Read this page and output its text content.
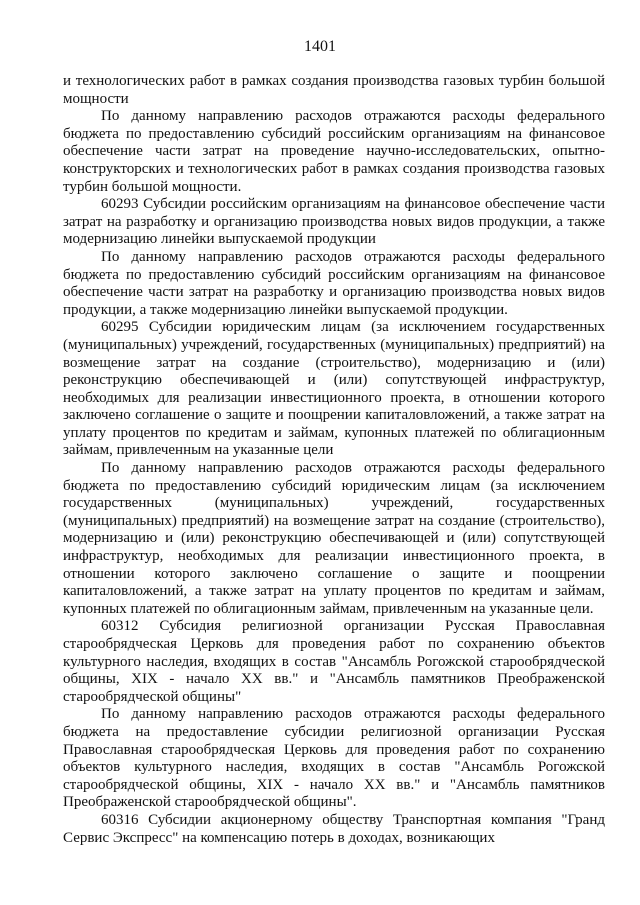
1401

и технологических работ в рамках создания производства газовых турбин большой мощности

По данному направлению расходов отражаются расходы федерального бюджета по предоставлению субсидий российским организациям на финансовое обеспечение части затрат на проведение научно-исследовательских, опытно-конструкторских и технологических работ в рамках создания производства газовых турбин большой мощности.

60293 Субсидии российским организациям на финансовое обеспечение части затрат на разработку и организацию производства новых видов продукции, а также модернизацию линейки выпускаемой продукции

По данному направлению расходов отражаются расходы федерального бюджета по предоставлению субсидий российским организациям на финансовое обеспечение части затрат на разработку и организацию производства новых видов продукции, а также модернизацию линейки выпускаемой продукции.

60295 Субсидии юридическим лицам (за исключением государственных (муниципальных) учреждений, государственных (муниципальных) предприятий) на возмещение затрат на создание (строительство), модернизацию и (или) реконструкцию обеспечивающей и (или) сопутствующей инфраструктур, необходимых для реализации инвестиционного проекта, в отношении которого заключено соглашение о защите и поощрении капиталовложений, а также затрат на уплату процентов по кредитам и займам, купонных платежей по облигационным займам, привлеченным на указанные цели

По данному направлению расходов отражаются расходы федерального бюджета по предоставлению субсидий юридическим лицам (за исключением государственных (муниципальных) учреждений, государственных (муниципальных) предприятий) на возмещение затрат на создание (строительство), модернизацию и (или) реконструкцию обеспечивающей и (или) сопутствующей инфраструктур, необходимых для реализации инвестиционного проекта, в отношении которого заключено соглашение о защите и поощрении капиталовложений, а также затрат на уплату процентов по кредитам и займам, купонных платежей по облигационным займам, привлеченным на указанные цели.

60312 Субсидия религиозной организации Русская Православная старообрядческая Церковь для проведения работ по сохранению объектов культурного наследия, входящих в состав "Ансамбль Рогожской старообрядческой общины, XIX - начало XX вв." и "Ансамбль памятников Преображенской старообрядческой общины"

По данному направлению расходов отражаются расходы федерального бюджета на предоставление субсидии религиозной организации Русская Православная старообрядческая Церковь для проведения работ по сохранению объектов культурного наследия, входящих в состав "Ансамбль Рогожской старообрядческой общины, XIX - начало XX вв." и "Ансамбль памятников Преображенской старообрядческой общины".

60316 Субсидии акционерному обществу Транспортная компания "Гранд Сервис Экспресс" на компенсацию потерь в доходах, возникающих
